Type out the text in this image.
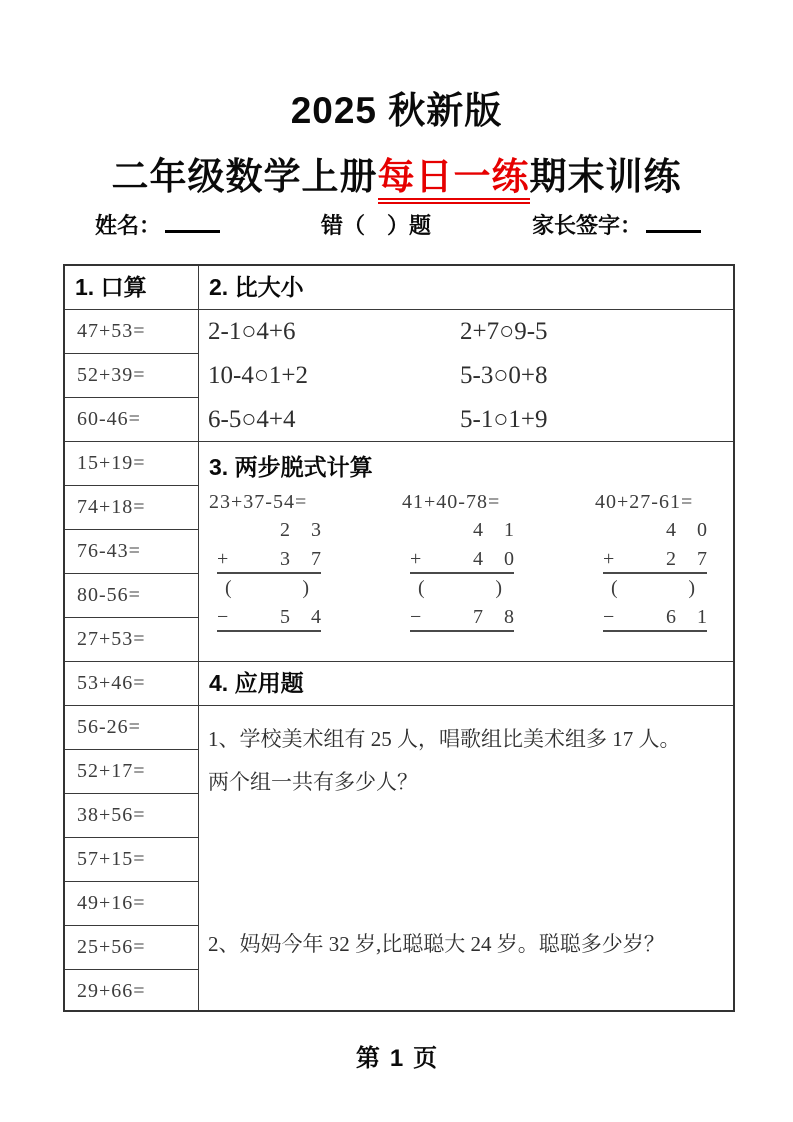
2025 秋新版
二年级数学上册每日一练期末训练
姓名：	错（　）题	家长签字：
1. 口算
47+53=
52+39=
60-46=
15+19=
74+18=
76-43=
80-56=
27+53=
53+46=
56-26=
52+17=
38+56=
57+15=
49+16=
25+56=
29+66=
2. 比大小
2-1○4+6	2+7○9-5
10-4○1+2	5-3○0+8
6-5○4+4	5-1○1+9
3. 两步脱式计算
23+37-54=
2 3
+	3 7
(	)
−	5 4
41+40-78=
4 1
+	4 0
(	)
−	7 8
40+27-61=
4 0
+	2 7
(	)
−	6 1
4. 应用题
1、学校美术组有 25 人，唱歌组比美术组多 17 人。
两个组一共有多少人？
2、妈妈今年 32 岁,比聪聪大 24 岁。聪聪多少岁？
第 1 页
